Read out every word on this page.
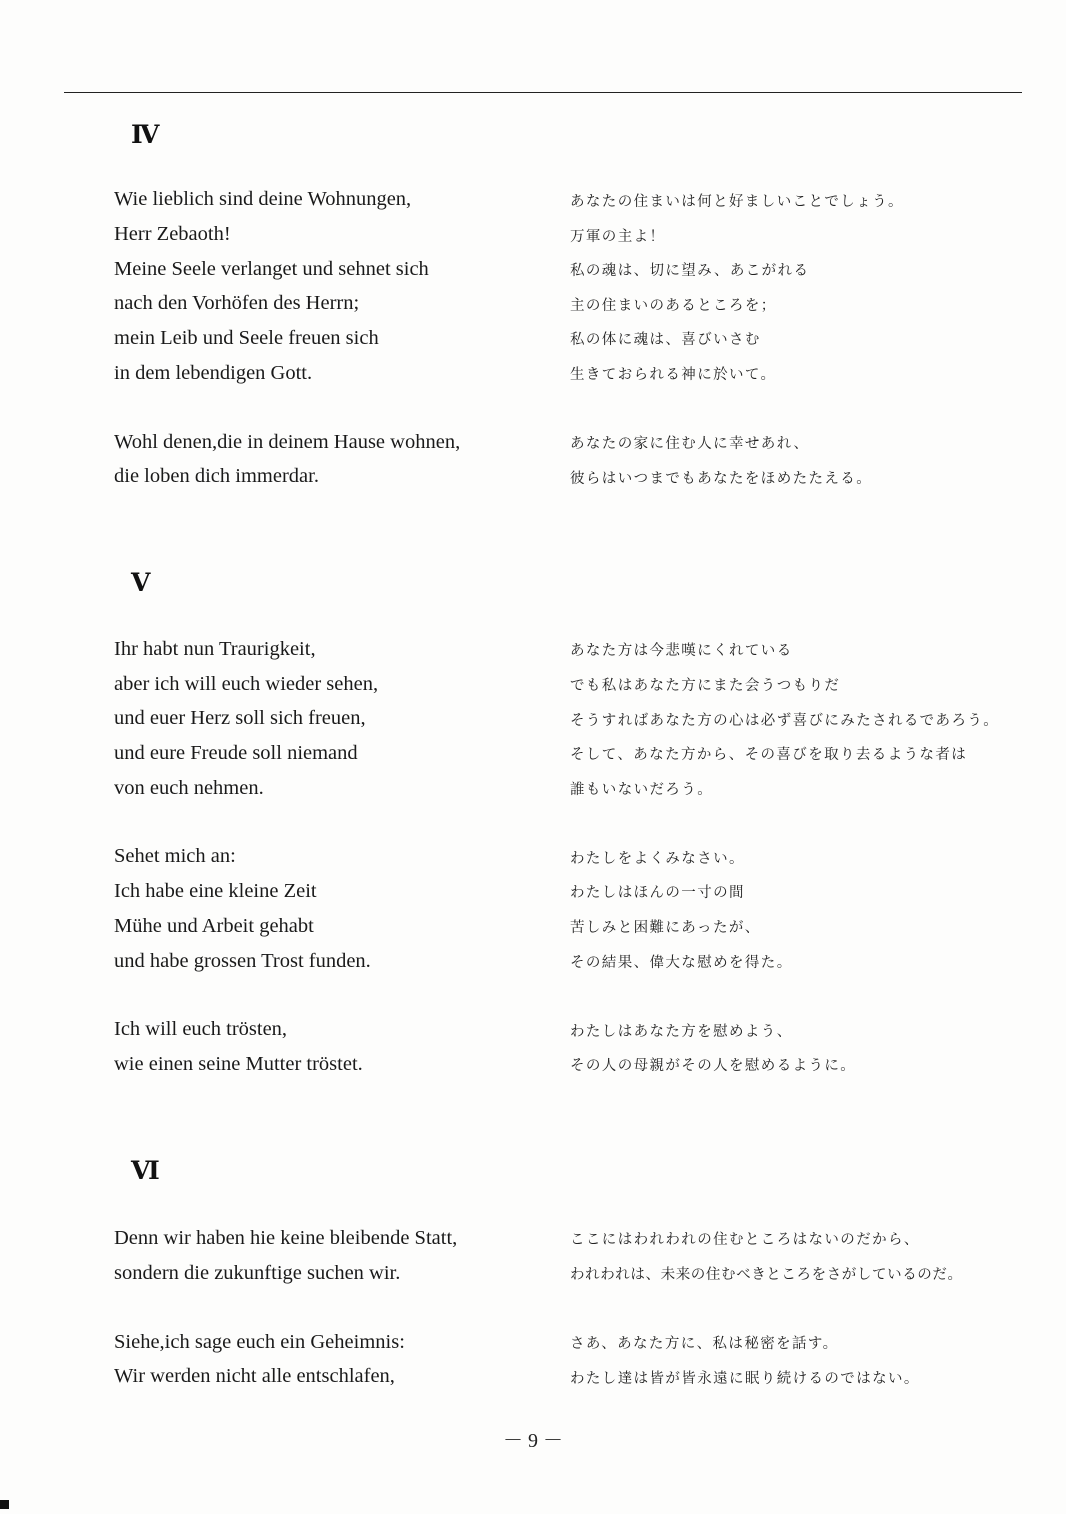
Ⅳ
Wie lieblich sind deine Wohnungen,
Herr Zebaoth!
Meine Seele verlanget und sehnet sich
nach den Vorhöfen des Herrn;
mein Leib und Seele freuen sich
in dem lebendigen Gott.
Wohl denen,die in deinem Hause wohnen,
die loben dich immerdar.
あなたの住まいは何と好ましいことでしょう。
万軍の主よ！
私の魂は、切に望み、あこがれる
主の住まいのあるところを；
私の体に魂は、喜びいさむ
生きておられる神に於いて。
あなたの家に住む人に幸せあれ、
彼らはいつまでもあなたをほめたたえる。
Ⅴ
Ihr habt nun Traurigkeit,
aber ich will euch wieder sehen,
und euer Herz soll sich freuen,
und eure Freude soll niemand
von euch nehmen.
Sehet mich an:
Ich habe eine kleine Zeit
Mühe und Arbeit gehabt
und habe grossen Trost funden.
Ich will euch trösten,
wie einen seine Mutter tröstet.
あなた方は今悲嘆にくれている
でも私はあなた方にまた会うつもりだ
そうすればあなた方の心は必ず喜びにみたされるであろう。
そして、あなた方から、その喜びを取り去るような者は
誰もいないだろう。
わたしをよくみなさい。
わたしはほんの一寸の間
苦しみと困難にあったが、
その結果、偉大な慰めを得た。
わたしはあなた方を慰めよう、
その人の母親がその人を慰めるように。
Ⅵ
Denn wir haben hie keine bleibende Statt,
sondern die zukunftige suchen wir.
Siehe,ich sage euch ein Geheimnis:
Wir werden nicht alle entschlafen,
ここにはわれわれの住むところはないのだから、
われわれは、未来の住むべきところをさがしているのだ。
さあ、あなた方に、私は秘密を話す。
わたし達は皆が皆永遠に眠り続けるのではない。
－ 9 －
